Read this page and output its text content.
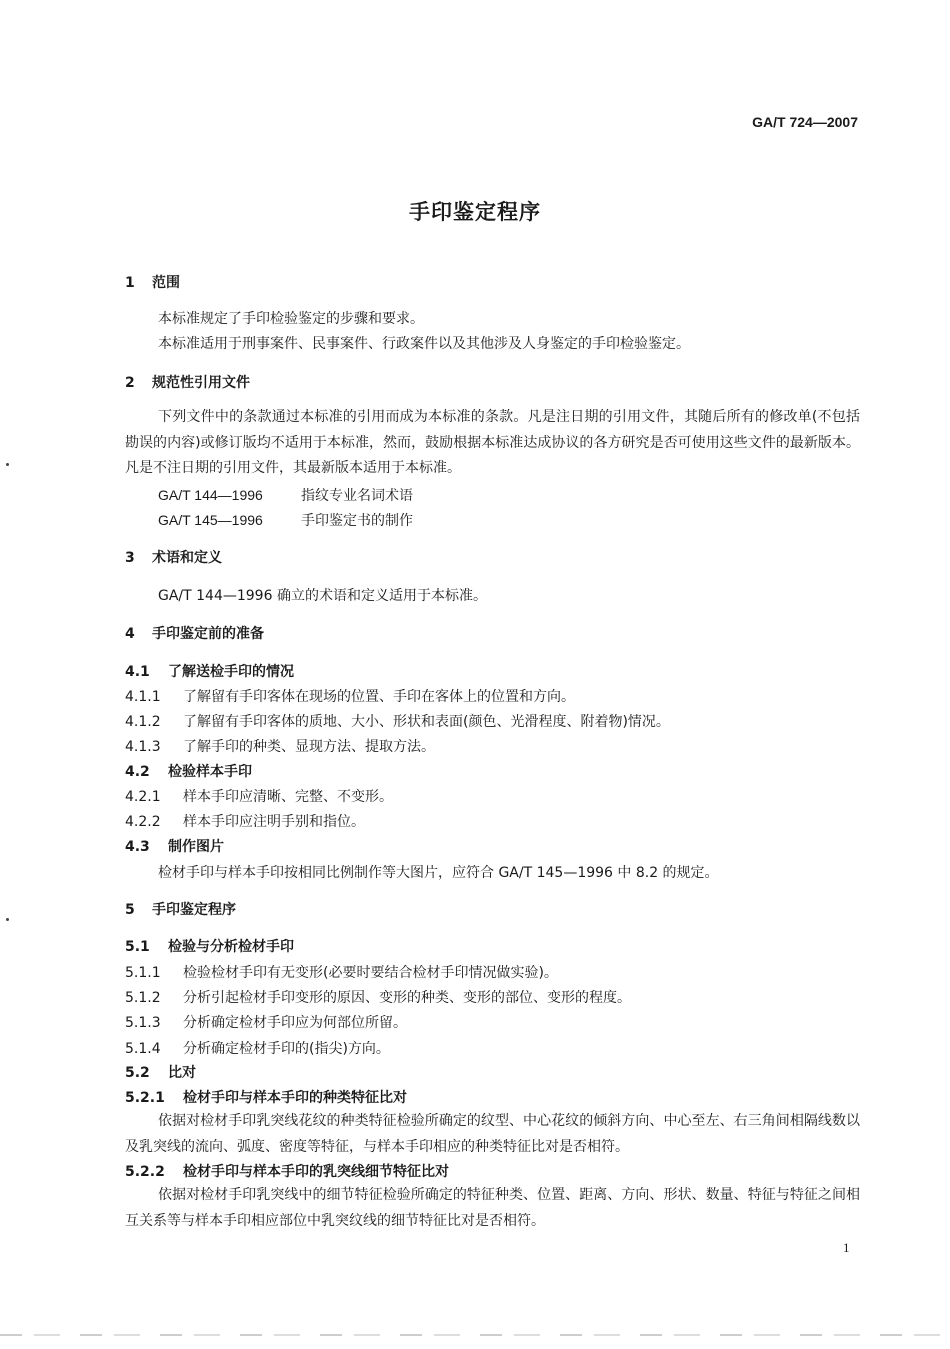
GA/T 724—2007
手印鉴定程序
1 范围
本标准规定了手印检验鉴定的步骤和要求。
本标准适用于刑事案件、民事案件、行政案件以及其他涉及人身鉴定的手印检验鉴定。
2 规范性引用文件
下列文件中的条款通过本标准的引用而成为本标准的条款。凡是注日期的引用文件，其随后所有的修改单(不包括勘误的内容)或修订版均不适用于本标准，然而，鼓励根据本标准达成协议的各方研究是否可使用这些文件的最新版本。凡是不注日期的引用文件，其最新版本适用于本标准。
GA/T 144—1996	指纹专业名词术语
GA/T 145—1996	手印鉴定书的制作
3 术语和定义
GA/T 144—1996 确立的术语和定义适用于本标准。
4 手印鉴定前的准备
4.1 了解送检手印的情况
4.1.1 了解留有手印客体在现场的位置、手印在客体上的位置和方向。
4.1.2 了解留有手印客体的质地、大小、形状和表面(颜色、光滑程度、附着物)情况。
4.1.3 了解手印的种类、显现方法、提取方法。
4.2 检验样本手印
4.2.1 样本手印应清晰、完整、不变形。
4.2.2 样本手印应注明手别和指位。
4.3 制作图片
检材手印与样本手印按相同比例制作等大图片，应符合 GA/T 145—1996 中 8.2 的规定。
5 手印鉴定程序
5.1 检验与分析检材手印
5.1.1 检验检材手印有无变形(必要时要结合检材手印情况做实验)。
5.1.2 分析引起检材手印变形的原因、变形的种类、变形的部位、变形的程度。
5.1.3 分析确定检材手印应为何部位所留。
5.1.4 分析确定检材手印的(指尖)方向。
5.2 比对
5.2.1 检材手印与样本手印的种类特征比对
依据对检材手印乳突线花纹的种类特征检验所确定的纹型、中心花纹的倾斜方向、中心至左、右三角间相隔线数以及乳突线的流向、弧度、密度等特征，与样本手印相应的种类特征比对是否相符。
5.2.2 检材手印与样本手印的乳突线细节特征比对
依据对检材手印乳突线中的细节特征检验所确定的特征种类、位置、距离、方向、形状、数量、特征与特征之间相互关系等与样本手印相应部位中乳突纹线的细节特征比对是否相符。
1
